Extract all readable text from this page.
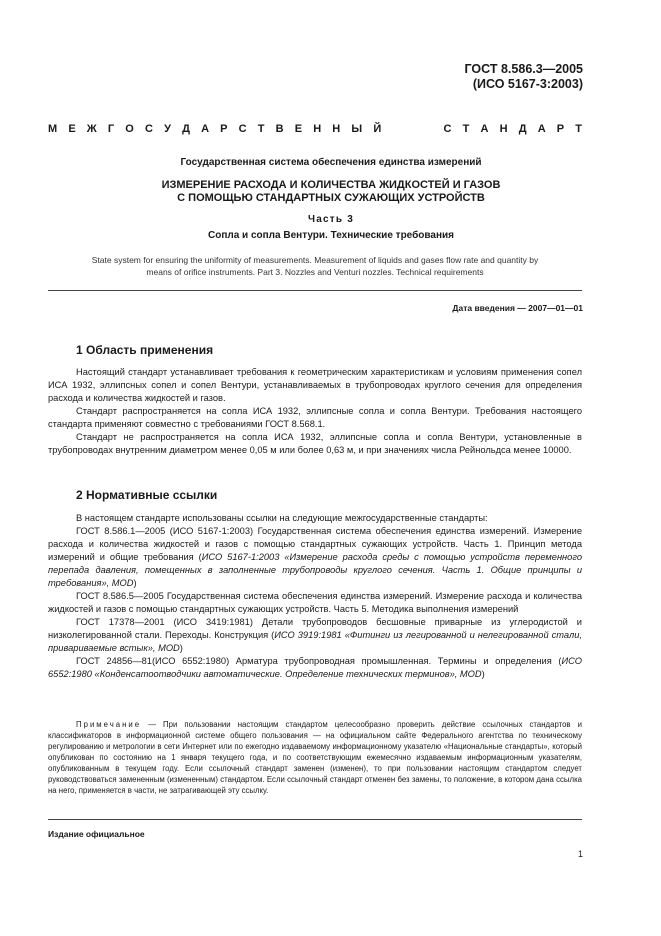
ГОСТ 8.586.3—2005
(ИСО 5167-3:2003)
М Е Ж Г О С У Д А Р С Т В Е Н Н Ы Й	С Т А Н Д А Р Т
Государственная система обеспечения единства измерений
ИЗМЕРЕНИЕ РАСХОДА И КОЛИЧЕСТВА ЖИДКОСТЕЙ И ГАЗОВ
С ПОМОЩЬЮ СТАНДАРТНЫХ СУЖАЮЩИХ УСТРОЙСТВ
Часть 3
Сопла и сопла Вентури. Технические требования
State system for ensuring the uniformity of measurements. Measurement of liquids and gases flow rate and quantity by
means of orifice instruments. Part 3. Nozzles and Venturi nozzles. Technical requirements
Дата введения — 2007—01—01
1 Область применения

Настоящий стандарт устанавливает требования к геометрическим характеристикам и условиям применения сопел ИСА 1932, эллипсных сопел и сопел Вентури, устанавливаемых в трубопроводах круглого сечения для определения расхода и количества жидкостей и газов.

Стандарт распространяется на сопла ИСА 1932, эллипсные сопла и сопла Вентури. Требования настоящего стандарта применяют совместно с требованиями ГОСТ 8.568.1.

Стандарт не распространяется на сопла ИСА 1932, эллипсные сопла и сопла Вентури, установленные в трубопроводах внутренним диаметром менее 0,05 м или более 0,63 м, и при значениях числа Рейнольдса менее 10000.

2 Нормативные ссылки

В настоящем стандарте использованы ссылки на следующие межгосударственные стандарты:

ГОСТ 8.586.1—2005 (ИСО 5167-1:2003) Государственная система обеспечения единства измерений. Измерение расхода и количества жидкостей и газов с помощью стандартных сужающих устройств. Часть 1. Принцип метода измерений и общие требования (ИСО 5167-1:2003 «Измерение расхода среды с помощью устройств переменного перепада давления, помещенных в заполненные трубопроводы круглого сечения. Часть 1. Общие принципы и требования», MOD)

ГОСТ 8.586.5—2005 Государственная система обеспечения единства измерений. Измерение расхода и количества жидкостей и газов с помощью стандартных сужающих устройств. Часть 5. Методика выполнения измерений

ГОСТ 17378—2001 (ИСО 3419:1981) Детали трубопроводов бесшовные приварные из углеродистой и низколегированной стали. Переходы. Конструкция (ИСО 3919:1981 «Фитинги из легированной и нелегированной стали, привариваемые встык», MOD)

ГОСТ 24856—81(ИСО 6552:1980) Арматура трубопроводная промышленная. Термины и определения (ИСО 6552:1980 «Конденсатоотводчики автоматические. Определение технических терминов», MOD)

Примечание — При пользовании настоящим стандартом целесообразно проверить действие ссылочных стандартов и классификаторов в информационной системе общего пользования — на официальном сайте Федерального агентства по техническому регулированию и метрологии в сети Интернет или по ежегодно издаваемому информационному указателю «Национальные стандарты», который опубликован по состоянию на 1 января текущего года, и по соответствующим ежемесячно издаваемым информационным указателям, опубликованным в текущем году. Если ссылочный стандарт заменен (изменен), то при пользовании настоящим стандартом следует руководствоваться замененным (измененным) стандартом. Если ссылочный стандарт отменен без замены, то положение, в котором дана ссылка на него, применяется в части, не затрагивающей эту ссылку.

Издание официальное
1
